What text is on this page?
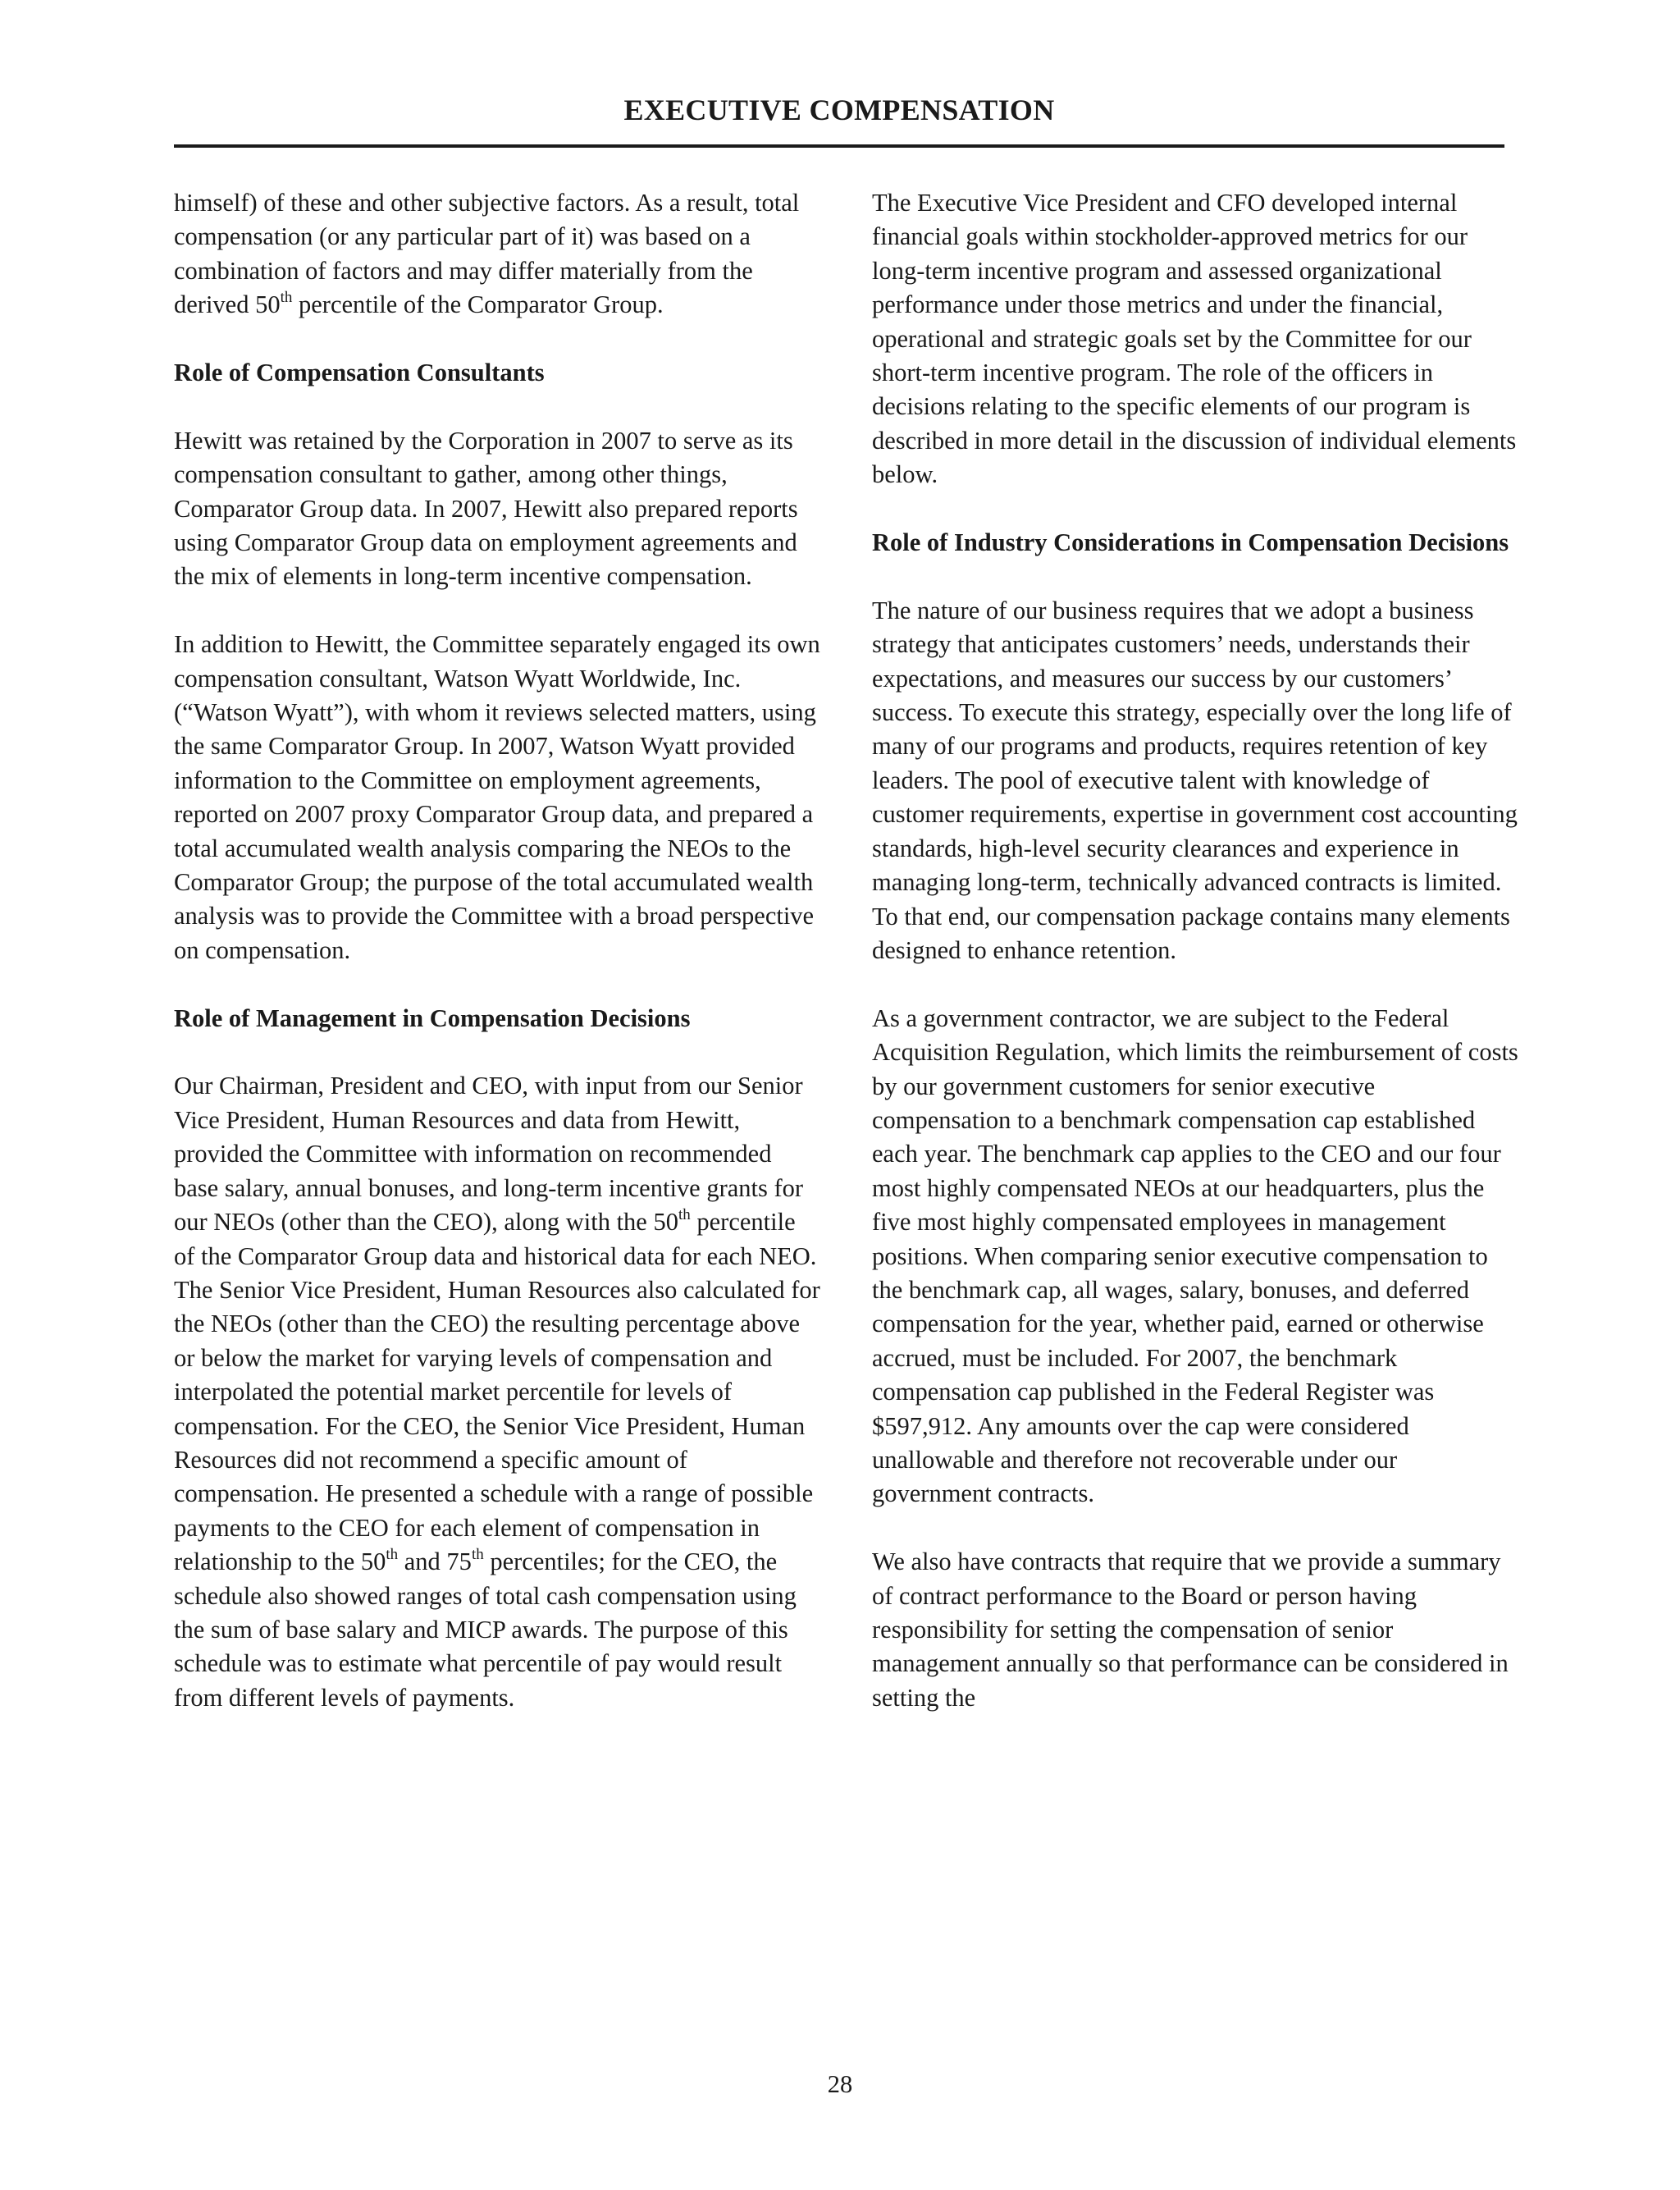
EXECUTIVE COMPENSATION

himself) of these and other subjective factors. As a result, total compensation (or any particular part of it) was based on a combination of factors and may differ materially from the derived 50th percentile of the Comparator Group.

Role of Compensation Consultants

Hewitt was retained by the Corporation in 2007 to serve as its compensation consultant to gather, among other things, Comparator Group data. In 2007, Hewitt also prepared reports using Comparator Group data on employment agreements and the mix of elements in long-term incentive compensation.

In addition to Hewitt, the Committee separately engaged its own compensation consultant, Watson Wyatt Worldwide, Inc. (“Watson Wyatt”), with whom it reviews selected matters, using the same Comparator Group. In 2007, Watson Wyatt provided information to the Committee on employment agreements, reported on 2007 proxy Comparator Group data, and prepared a total accumulated wealth analysis comparing the NEOs to the Comparator Group; the purpose of the total accumulated wealth analysis was to provide the Committee with a broad perspective on compensation.

Role of Management in Compensation Decisions

Our Chairman, President and CEO, with input from our Senior Vice President, Human Resources and data from Hewitt, provided the Committee with information on recommended base salary, annual bonuses, and long-term incentive grants for our NEOs (other than the CEO), along with the 50th percentile of the Comparator Group data and historical data for each NEO. The Senior Vice President, Human Resources also calculated for the NEOs (other than the CEO) the resulting percentage above or below the market for varying levels of compensation and interpolated the potential market percentile for levels of compensation. For the CEO, the Senior Vice President, Human Resources did not recommend a specific amount of compensation. He presented a schedule with a range of possible payments to the CEO for each element of compensation in relationship to the 50th and 75th percentiles; for the CEO, the schedule also showed ranges of total cash compensation using the sum of base salary and MICP awards. The purpose of this schedule was to estimate what percentile of pay would result from different levels of payments.

The Executive Vice President and CFO developed internal financial goals within stockholder-approved metrics for our long-term incentive program and assessed organizational performance under those metrics and under the financial, operational and strategic goals set by the Committee for our short-term incentive program. The role of the officers in decisions relating to the specific elements of our program is described in more detail in the discussion of individual elements below.

Role of Industry Considerations in Compensation Decisions

The nature of our business requires that we adopt a business strategy that anticipates customers’ needs, understands their expectations, and measures our success by our customers’ success. To execute this strategy, especially over the long life of many of our programs and products, requires retention of key leaders. The pool of executive talent with knowledge of customer requirements, expertise in government cost accounting standards, high-level security clearances and experience in managing long-term, technically advanced contracts is limited. To that end, our compensation package contains many elements designed to enhance retention.

As a government contractor, we are subject to the Federal Acquisition Regulation, which limits the reimbursement of costs by our government customers for senior executive compensation to a benchmark compensation cap established each year. The benchmark cap applies to the CEO and our four most highly compensated NEOs at our headquarters, plus the five most highly compensated employees in management positions. When comparing senior executive compensation to the benchmark cap, all wages, salary, bonuses, and deferred compensation for the year, whether paid, earned or otherwise accrued, must be included. For 2007, the benchmark compensation cap published in the Federal Register was $597,912. Any amounts over the cap were considered unallowable and therefore not recoverable under our government contracts.

We also have contracts that require that we provide a summary of contract performance to the Board or person having responsibility for setting the compensation of senior management annually so that performance can be considered in setting the

28
